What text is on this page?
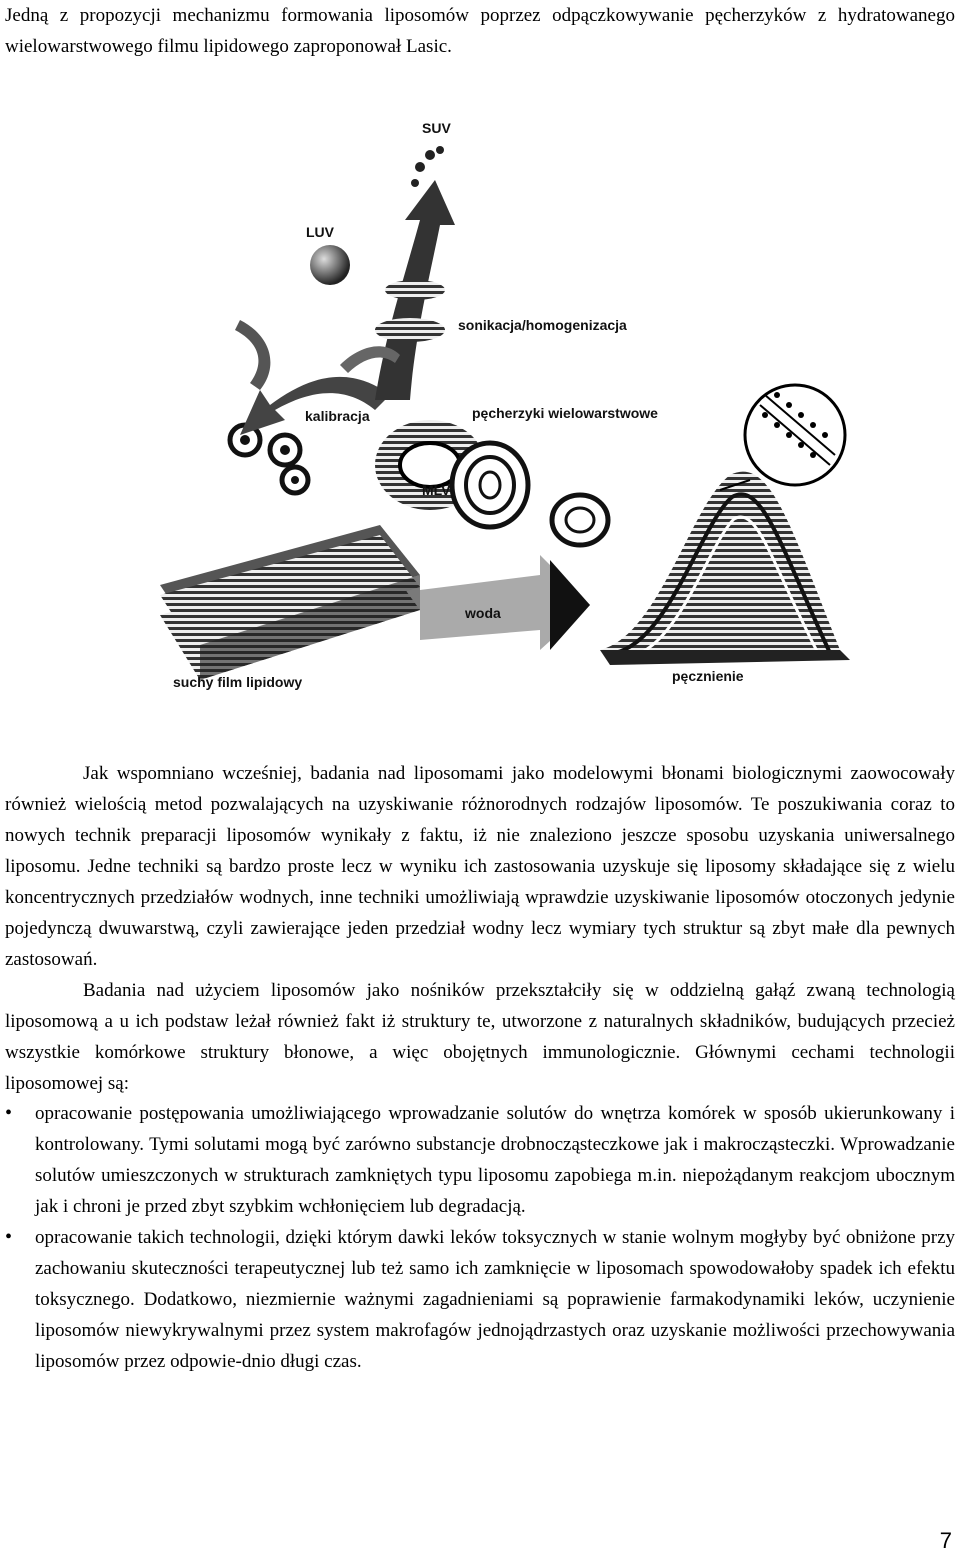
Jedną z propozycji mechanizmu formowania liposomów poprzez odpączkowywanie pęcherzyków z hydratowanego wielowarstwowego filmu lipidowego zaproponował Lasic.

SUV
LUV
sonikacja/homogenizacja
kalibracja	pęcherzyki wielowarstwowe
MLV
woda
suchy film lipidowy	pęcznienie

Jak wspomniano wcześniej, badania nad liposomami jako modelowymi błonami biologicznymi zaowocowały również wielością metod pozwalających na uzyskiwanie różnorodnych rodzajów liposomów. Te poszukiwania coraz to nowych technik preparacji liposomów wynikały z faktu, iż nie znaleziono jeszcze sposobu uzyskania uniwersalnego liposomu. Jedne techniki są bardzo proste lecz w wyniku ich zastosowania uzyskuje się liposomy składające się z wielu koncentrycznych przedziałów wodnych, inne techniki umożliwiają wprawdzie uzyskiwanie liposomów otoczonych jedynie pojedynczą dwuwarstwą, czyli zawierające jeden przedział wodny lecz wymiary tych struktur są zbyt małe dla pewnych zastosowań.

Badania nad użyciem liposomów jako nośników przekształciły się w oddzielną gałąź zwaną technologią liposomową a u ich podstaw leżał również fakt iż struktury te, utworzone z naturalnych składników, budujących przecież wszystkie komórkowe struktury błonowe, a więc obojętnych immunologicznie. Głównymi cechami technologii liposomowej są:

• opracowanie postępowania umożliwiającego wprowadzanie solutów do wnętrza komórek w sposób ukierunkowany i kontrolowany. Tymi solutami mogą być zarówno substancje drobnocząsteczkowe jak i makrocząsteczki. Wprowadzanie solutów umieszczonych w strukturach zamkniętych typu liposomu zapobiega m.in. niepożądanym reakcjom ubocznym jak i chroni je przed zbyt szybkim wchłonięciem lub degradacją.
• opracowanie takich technologii, dzięki którym dawki leków toksycznych w stanie wolnym mogłyby być obniżone przy zachowaniu skuteczności terapeutycznej lub też samo ich zamknięcie w liposomach spowodowałoby spadek ich efektu toksycznego. Dodatkowo, niezmiernie ważnymi zagadnieniami są poprawienie farmakodynamiki leków, uczynienie liposomów niewykrywalnymi przez system makrofagów jednojądrzastych oraz uzyskanie możliwości przechowywania liposomów przez odpowie-dnio długi czas.
7
